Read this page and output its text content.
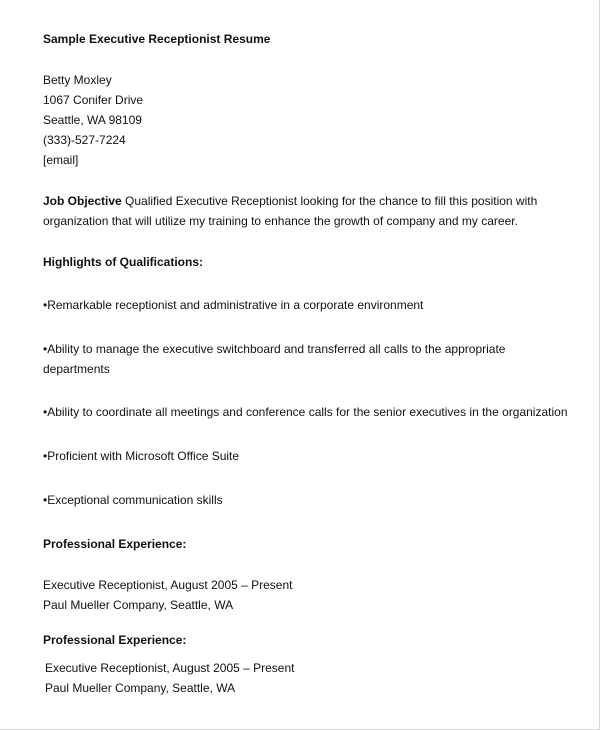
Sample Executive Receptionist Resume
Betty Moxley
1067 Conifer Drive
Seattle, WA 98109
(333)-527-7224
[email]
Job Objective Qualified Executive Receptionist looking for the chance to fill this position with
organization that will utilize my training to enhance the growth of company and my career.
Highlights of Qualifications:
•Remarkable receptionist and administrative in a corporate environment
•Ability to manage the executive switchboard and transferred all calls to the appropriate
departments
•Ability to coordinate all meetings and conference calls for the senior executives in the organization
•Proficient with Microsoft Office Suite
•Exceptional communication skills
Professional Experience:
Executive Receptionist, August 2005 – Present
Paul Mueller Company, Seattle, WA
Professional Experience:
Executive Receptionist, August 2005 – Present
Paul Mueller Company, Seattle, WA
